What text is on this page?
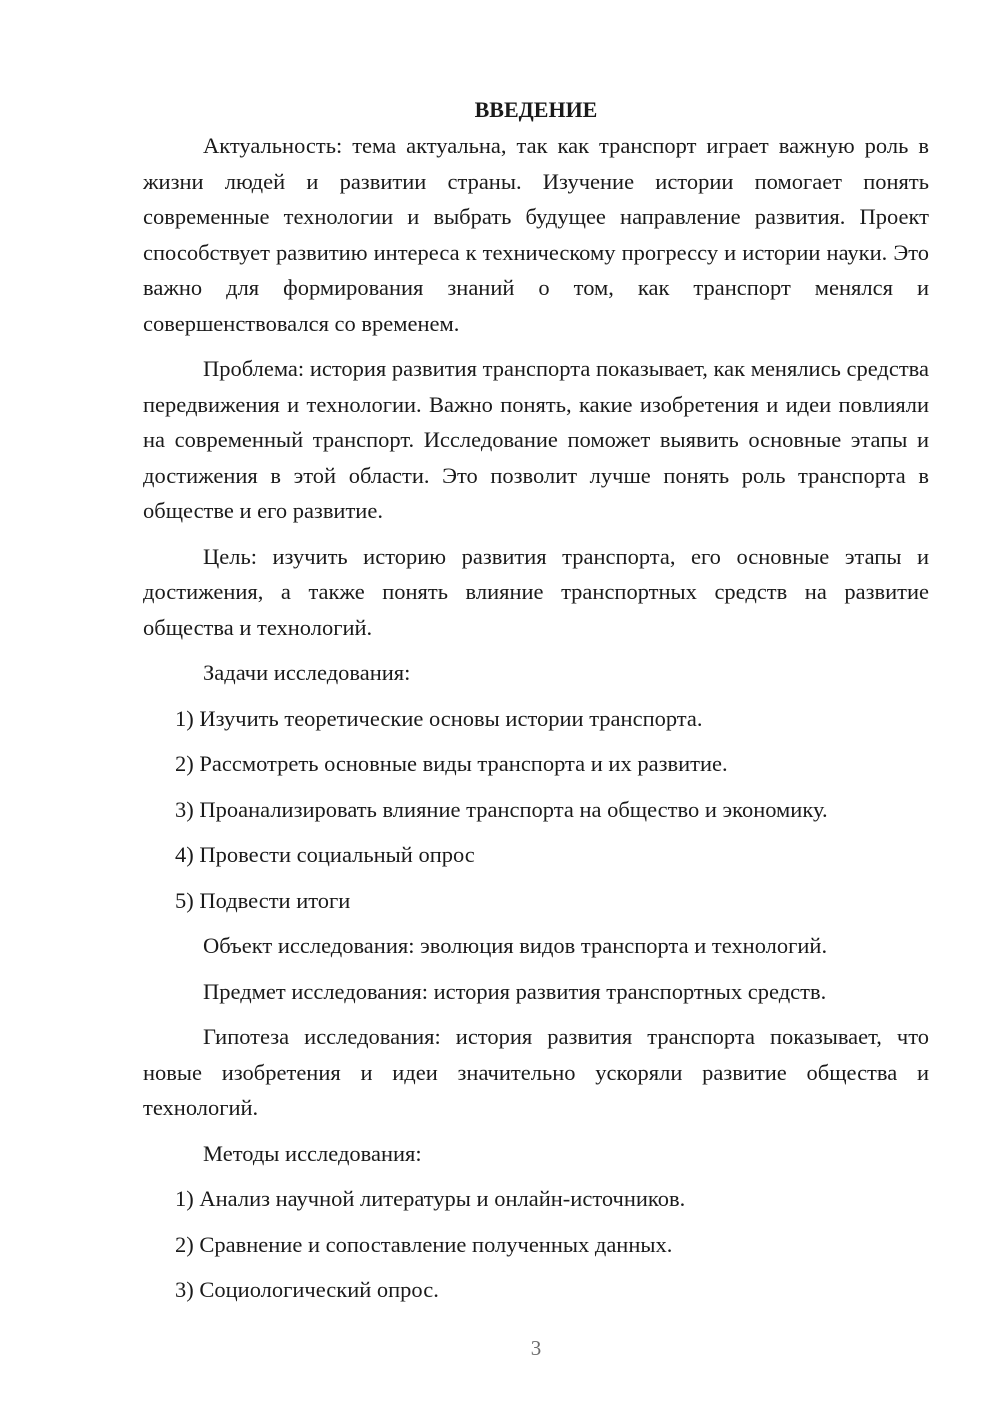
ВВЕДЕНИЕ

Актуальность: тема актуальна, так как транспорт играет важную роль в жизни людей и развитии страны. Изучение истории помогает понять современные технологии и выбрать будущее направление развития. Проект способствует развитию интереса к техническому прогрессу и истории науки. Это важно для формирования знаний о том, как транспорт менялся и совершенствовался со временем.

Проблема: история развития транспорта показывает, как менялись средства передвижения и технологии. Важно понять, какие изобретения и идеи повлияли на современный транспорт. Исследование поможет выявить основные этапы и достижения в этой области. Это позволит лучше понять роль транспорта в обществе и его развитие.

Цель: изучить историю развития транспорта, его основные этапы и достижения, а также понять влияние транспортных средств на развитие общества и технологий.

Задачи исследования:

1) Изучить теоретические основы истории транспорта.

2) Рассмотреть основные виды транспорта и их развитие.

3) Проанализировать влияние транспорта на общество и экономику.

4) Провести социальный опрос

5) Подвести итоги

Объект исследования: эволюция видов транспорта и технологий.

Предмет исследования: история развития транспортных средств.

Гипотеза исследования: история развития транспорта показывает, что новые изобретения и идеи значительно ускоряли развитие общества и технологий.

Методы исследования:

1) Анализ научной литературы и онлайн-источников.

2) Сравнение и сопоставление полученных данных.

3) Социологический опрос.

3
